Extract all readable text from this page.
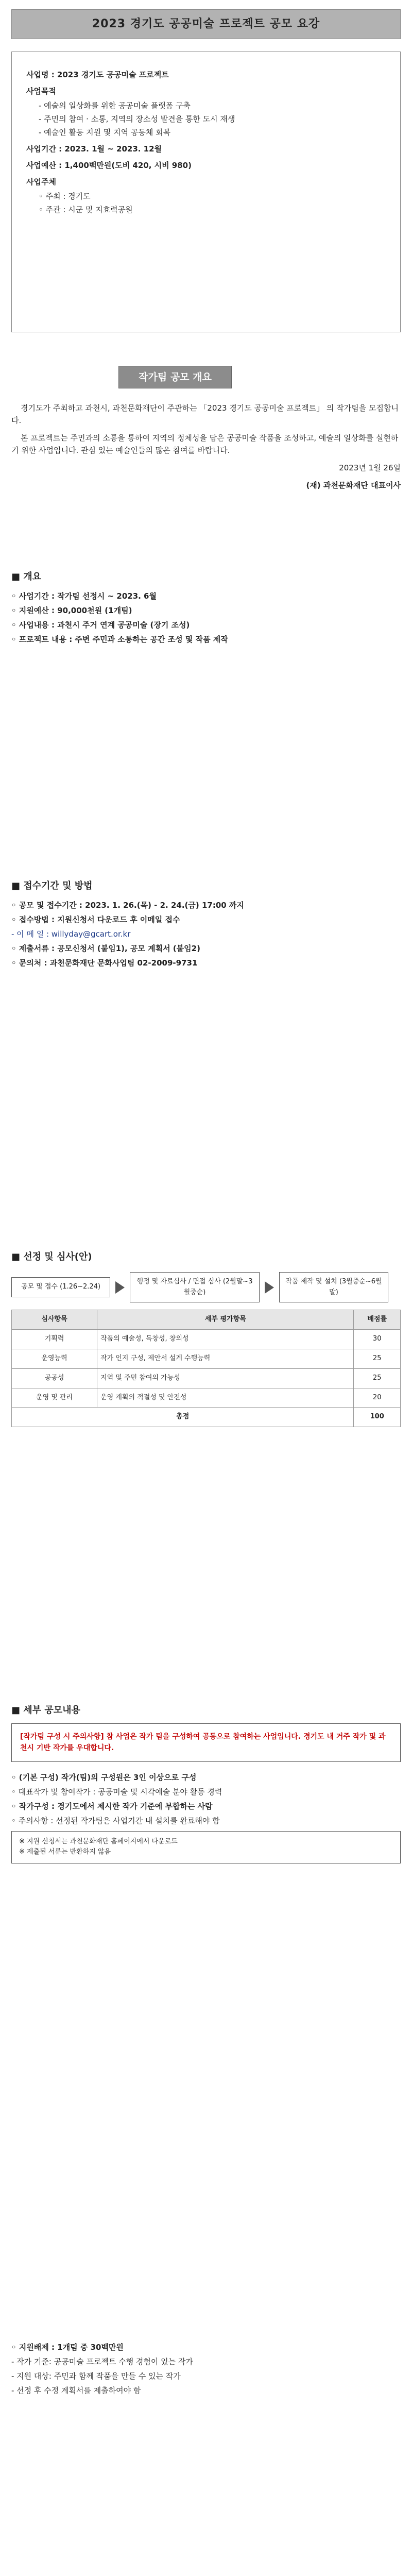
2023 경기도 공공미술 프로젝트 공모 요강
사업명 : 2023 경기도 공공미술 프로젝트
사업목적
- 예술의 일상화를 위한 공공미술 플랫폼 구축
- 주민의 참여 · 소통, 지역의 장소성 발견을 통한 도시 재생
- 예술인 활동 지원 및 지역 공동체 회복
사업기간 : 2023. 1월 ~ 2023. 12월
사업예산 : 1,400백만원(도비 420, 시비 980)
사업주체
◦ 주최 : 경기도
◦ 주관 : 시군 및 지효력공원
작가팀 공모 개요

경기도가 주최하고 과천시, 과천문화재단이 주관하는 「2023 경기도 공공미술 프로젝트」 의 작가팀을 모집합니다.

본 프로젝트는 주민과의 소통을 통하여 지역의 정체성을 담은 공공미술 작품을 조성하고, 예술의 일상화를 실현하기 위한 사업입니다. 관심 있는 예술인들의 많은 참여를 바랍니다.

2023년 1월 26일

(재) 과천문화재단 대표이사

■ 개요
◦ 사업기간 : 작가팀 선정시 ~ 2023. 6월
◦ 지원예산 : 90,000천원 (1개팀)
◦ 사업내용 : 과천시 주거 연계 공공미술 (장기 조성)
◦ 프로젝트 내용 : 주변 주민과 소통하는 공간 조성 및 작품 제작
■ 접수기간 및 방법
◦ 공모 및 접수기간 : 2023. 1. 26.(목) - 2. 24.(금) 17:00 까지
◦ 접수방법 : 지원신청서 다운로드 후 이메일 접수
- 이 메 일 : willyday@gcart.or.kr
◦ 제출서류 : 공모신청서 (붙임1), 공모 계획서 (붙임2)
◦ 문의처 : 과천문화재단 문화사업팀 02-2009-9731
■ 선정 및 심사(안)
공모 및 접수 (1.26~2.24)
행정 및 자료심사 / 면접 심사 (2월말~3월중순)
작품 제작 및 설치 (3월중순~6월말)
심사항목	세부 평가항목	배점률
기획력	작품의 예술성, 독창성, 창의성	30
운영능력	작가 인지 구성, 제안서 설계 수행능력	25
공공성	지역 및 주민 참여의 가능성	25
운영 및 관리	운영 계획의 적절성 및 안전성	20
총점		100
■ 세부 공모내용
[작가팀 구성 시 주의사항] 참 사업은 작가 팀을 구성하여 공동으로 참여하는 사업입니다. 경기도 내 거주 작가 및 과천시 기반 작가를 우대합니다.
◦ (기본 구성) 작가(팀)의 구성원은 3인 이상으로 구성
◦ 대표작가 및 참여작가 : 공공미술 및 시각예술 분야 활동 경력
◦ 작가구성 : 경기도에서 제시한 작가 기준에 부합하는 사람
◦ 주의사항 : 선정된 작가팀은 사업기간 내 설치를 완료해야 함
※ 지원 신청서는 과천문화재단 홈페이지에서 다운로드
※ 제출된 서류는 반환하지 않음
◦ 지원배제 : 1개팀 중 30백만원
- 작가 기준: 공공미술 프로젝트 수행 경험이 있는 작가
- 지원 대상: 주민과 함께 작품을 만들 수 있는 작가
- 선정 후 수정 계획서를 제출하여야 함
